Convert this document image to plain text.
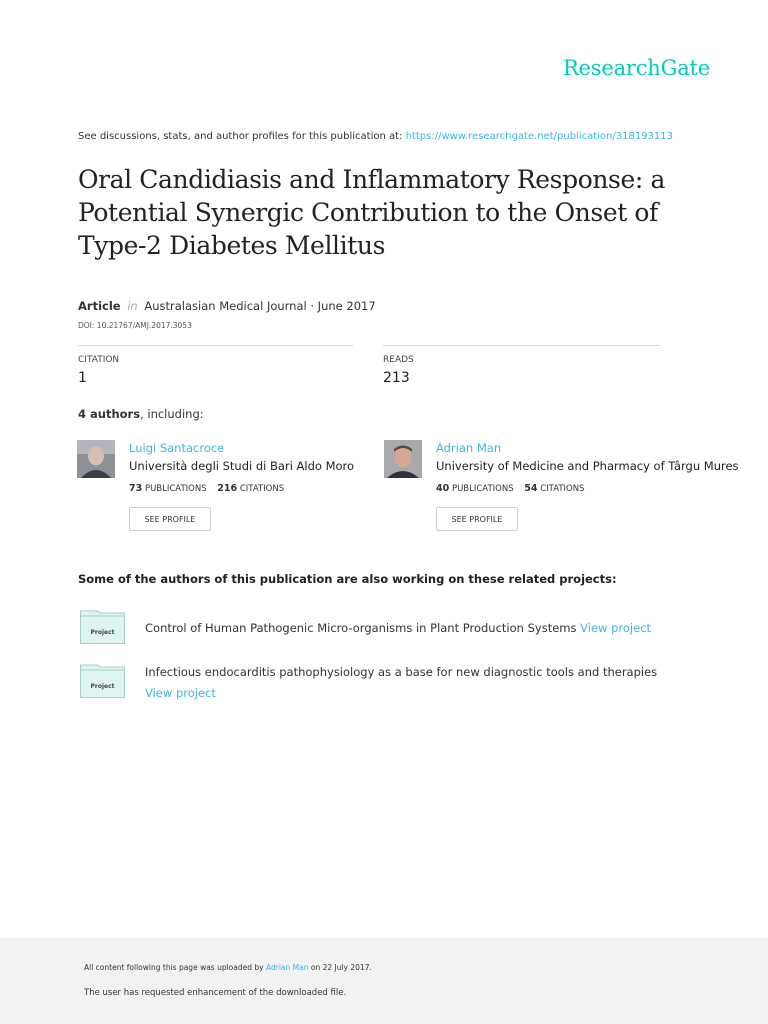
ResearchGate
See discussions, stats, and author profiles for this publication at: https://www.researchgate.net/publication/318193113
Oral Candidiasis and Inflammatory Response: a Potential Synergic Contribution to the Onset of Type-2 Diabetes Mellitus
Article in Australasian Medical Journal · June 2017
DOI: 10.21767/AMJ.2017.3053
CITATION
1
READS
213
4 authors, including:
Luigi Santacroce
Università degli Studi di Bari Aldo Moro
73 PUBLICATIONS 216 CITATIONS
SEE PROFILE
Adrian Man
University of Medicine and Pharmacy of Târgu Mures
40 PUBLICATIONS 54 CITATIONS
SEE PROFILE
Some of the authors of this publication are also working on these related projects:
Project	Control of Human Pathogenic Micro-organisms in Plant Production Systems View project
Project
Infectious endocarditis pathophysiology as a base for new diagnostic tools and therapies View project
All content following this page was uploaded by Adrian Man on 22 July 2017.
The user has requested enhancement of the downloaded file.
